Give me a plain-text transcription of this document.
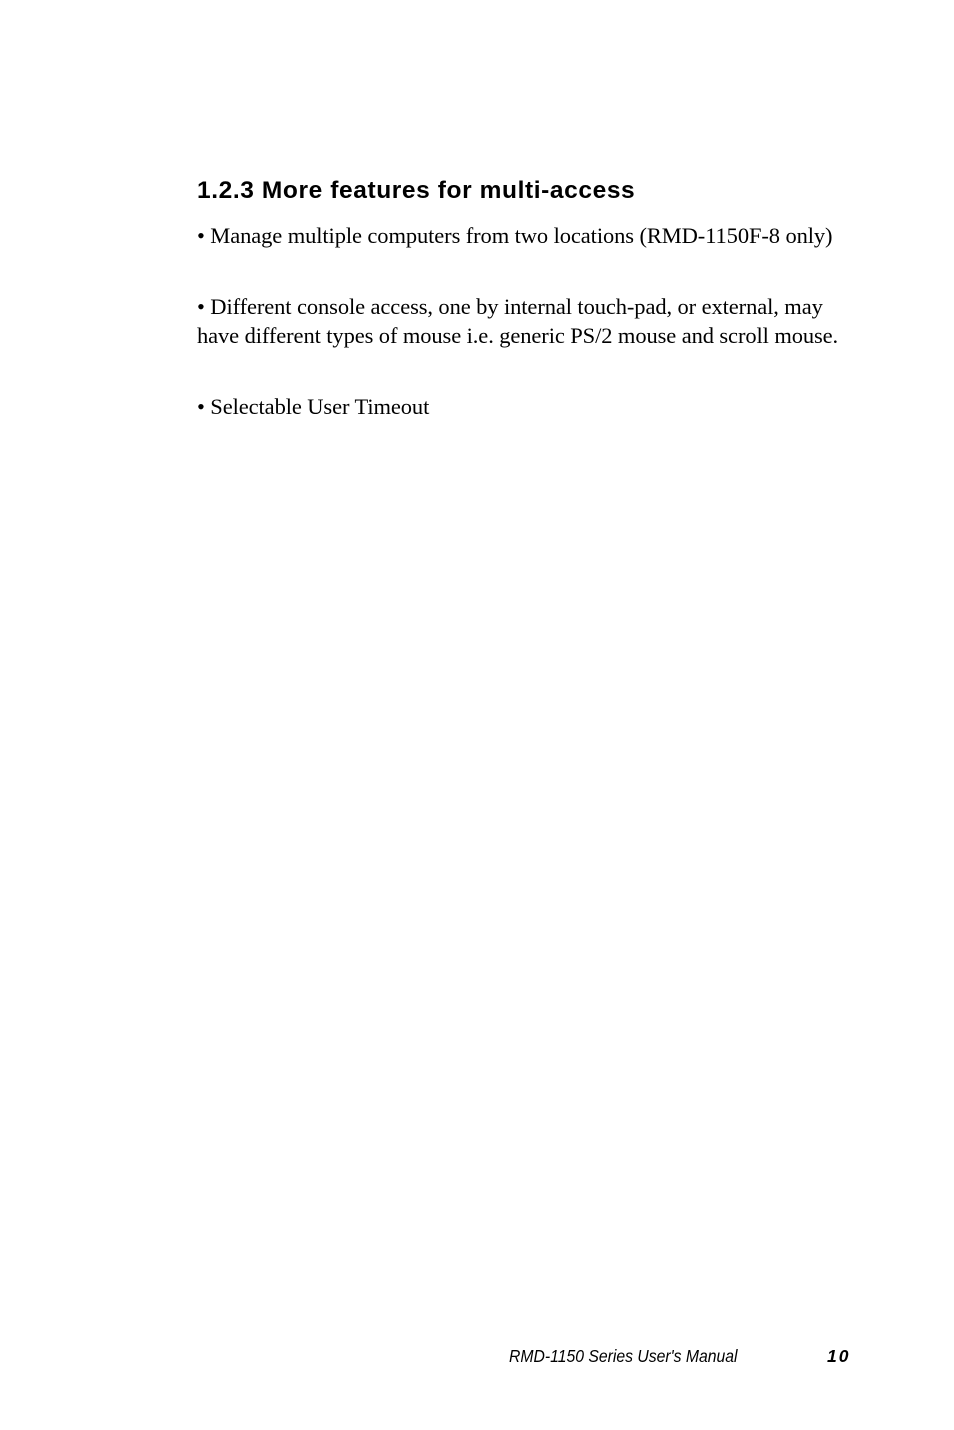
1.2.3 More features for multi-access

• Manage multiple computers from two locations (RMD-1150F-8 only)

• Different console access, one by internal touch-pad, or external, may have different types of mouse i.e. generic PS/2 mouse and scroll mouse.

• Selectable User Timeout

RMD-1150 Series User's Manual	10
